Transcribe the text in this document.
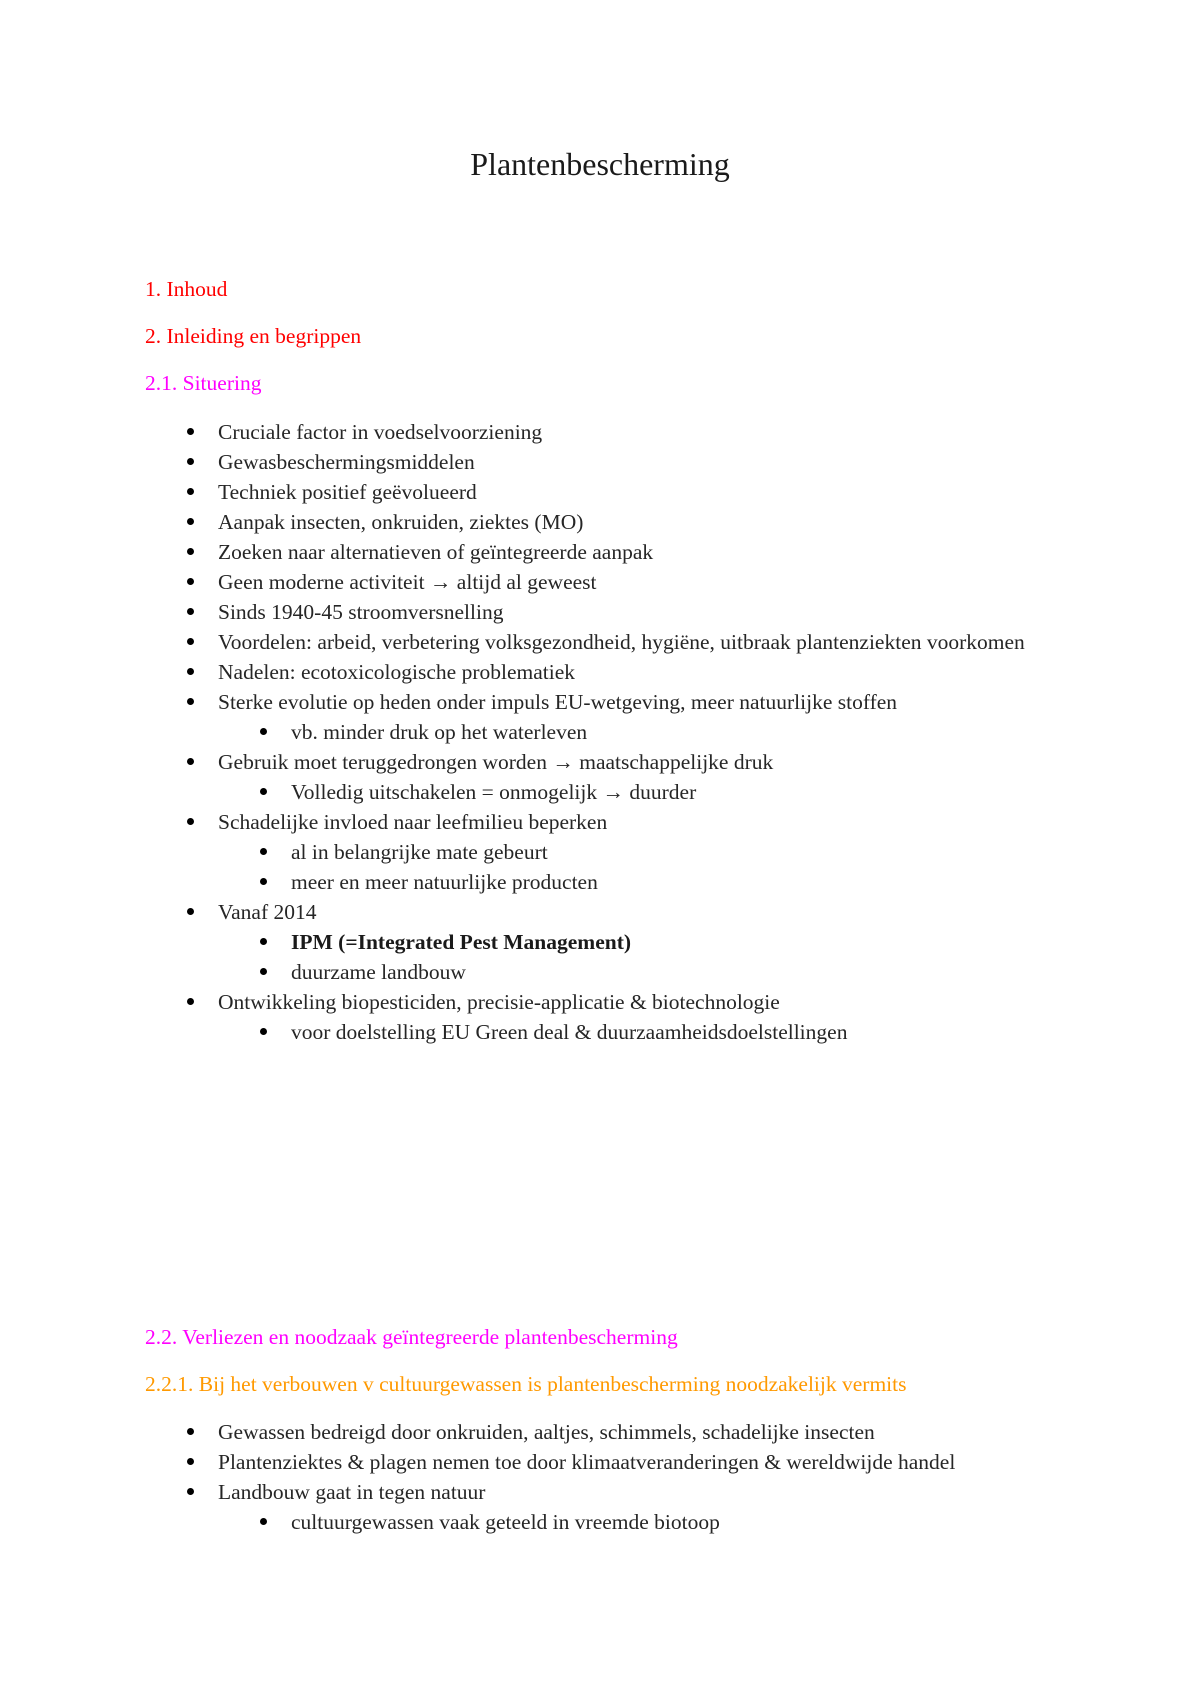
Plantenbescherming

1. Inhoud

2. Inleiding en begrippen

2.1. Situering

Cruciale factor in voedselvoorziening
Gewasbeschermingsmiddelen
Techniek positief geëvolueerd
Aanpak insecten, onkruiden, ziektes (MO)
Zoeken naar alternatieven of geïntegreerde aanpak
Geen moderne activiteit → altijd al geweest
Sinds 1940-45 stroomversnelling
Voordelen: arbeid, verbetering volksgezondheid, hygiëne, uitbraak plantenziekten voorkomen
Nadelen: ecotoxicologische problematiek
Sterke evolutie op heden onder impuls EU-wetgeving, meer natuurlijke stoffen
vb. minder druk op het waterleven
Gebruik moet teruggedrongen worden → maatschappelijke druk
Volledig uitschakelen = onmogelijk → duurder
Schadelijke invloed naar leefmilieu beperken
al in belangrijke mate gebeurt
meer en meer natuurlijke producten
Vanaf 2014
IPM (=Integrated Pest Management)
duurzame landbouw
Ontwikkeling biopesticiden, precisie-applicatie & biotechnologie
voor doelstelling EU Green deal & duurzaamheidsdoelstellingen

2.2. Verliezen en noodzaak geïntegreerde plantenbescherming

2.2.1. Bij het verbouwen v cultuurgewassen is plantenbescherming noodzakelijk vermits

Gewassen bedreigd door onkruiden, aaltjes, schimmels, schadelijke insecten
Plantenziektes & plagen nemen toe door klimaatveranderingen & wereldwijde handel
Landbouw gaat in tegen natuur
cultuurgewassen vaak geteeld in vreemde biotoop
